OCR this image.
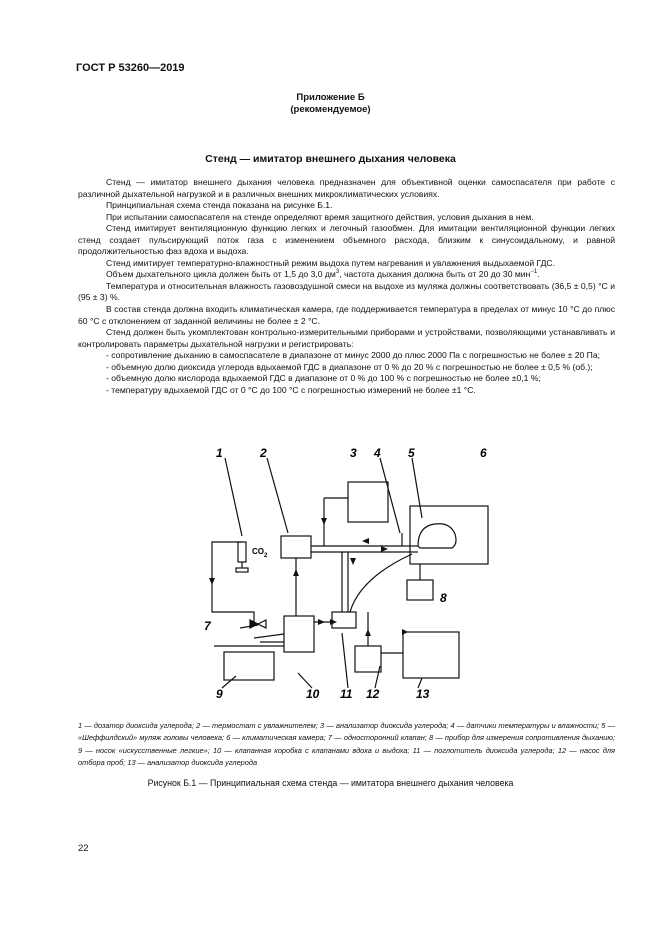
ГОСТ Р 53260—2019
Приложение Б
(рекомендуемое)
Стенд — имитатор внешнего дыхания человека

Стенд — имитатор внешнего дыхания человека предназначен для объективной оценки самоспасателя при работе с различной дыхательной нагрузкой и в различных внешних микроклиматических условиях.

Принципиальная схема стенда показана на рисунке Б.1.

При испытании самоспасателя на стенде определяют время защитного действия, условия дыхания в нем.

Стенд имитирует вентиляционную функцию легких и легочный газообмен. Для имитации вентиляционной функции легких стенд создает пульсирующий поток газа с изменением объемного расхода, близким к синусоидальному, и равной продолжительностью фаз вдоха и выдоха.

Стенд имитирует температурно-влажностный режим выдоха путем нагревания и увлажнения выдыхаемой ГДС.

Объем дыхательного цикла должен быть от 1,5 до 3,0 $дм^3$, частота дыхания должна быть от 20 до 30 мин$^{-1}$.

Температура и относительная влажность газовоздушной смеси на выдохе из муляжа должны соответствовать (36,5 ± 0,5) °С и (95 ± 3) %.

В состав стенда должна входить климатическая камера, где поддерживается температура в пределах от минус 10 °С до плюс 60 °С с отклонением от заданной величины не более ± 2 °С.

Стенд должен быть укомплектован контрольно-измерительными приборами и устройствами, позволяющими устанавливать и контролировать параметры дыхательной нагрузки и регистрировать:

- сопротивление дыханию в самоспасателе в диапазоне от минус 2000 до плюс 2000 Па с погрешностью не более ± 20 Па;

- объемную долю диоксида углерода вдыхаемой ГДС в диапазоне от 0 % до 20 % с погрешностью не более ± 0,5 % (об.);

- объемную долю кислорода вдыхаемой ГДС в диапазоне от 0 % до 100 % с погрешностью не более ±0,1 %;

- температуру вдыхаемой ГДС от 0 °С до 100 °С с погрешностью измерений не более ±1 °С.

1	2	3 4 5	6
7
8
9	10 11 12	13
$CO_2$
1 — дозатор диоксида углерода; 2 — термостат с увлажнителем; 3 — анализатор диоксида углерода; 4 — датчики температуры и влажности; 5 — «Шеффилдский» муляж головы человека; 6 — климатическая камера; 7 — односторонний клапан; 8 — прибор для измерения сопротивления дыханию; 9 — носок «искусственные легкие»; 10 — клапанная коробка с клапанами вдоха и выдоха; 11 — поглотитель диоксида углерода; 12 — насос для отбора проб; 13 — анализатор диоксида углерода
Рисунок Б.1 — Принципиальная схема стенда — имитатора внешнего дыхания человека
22
